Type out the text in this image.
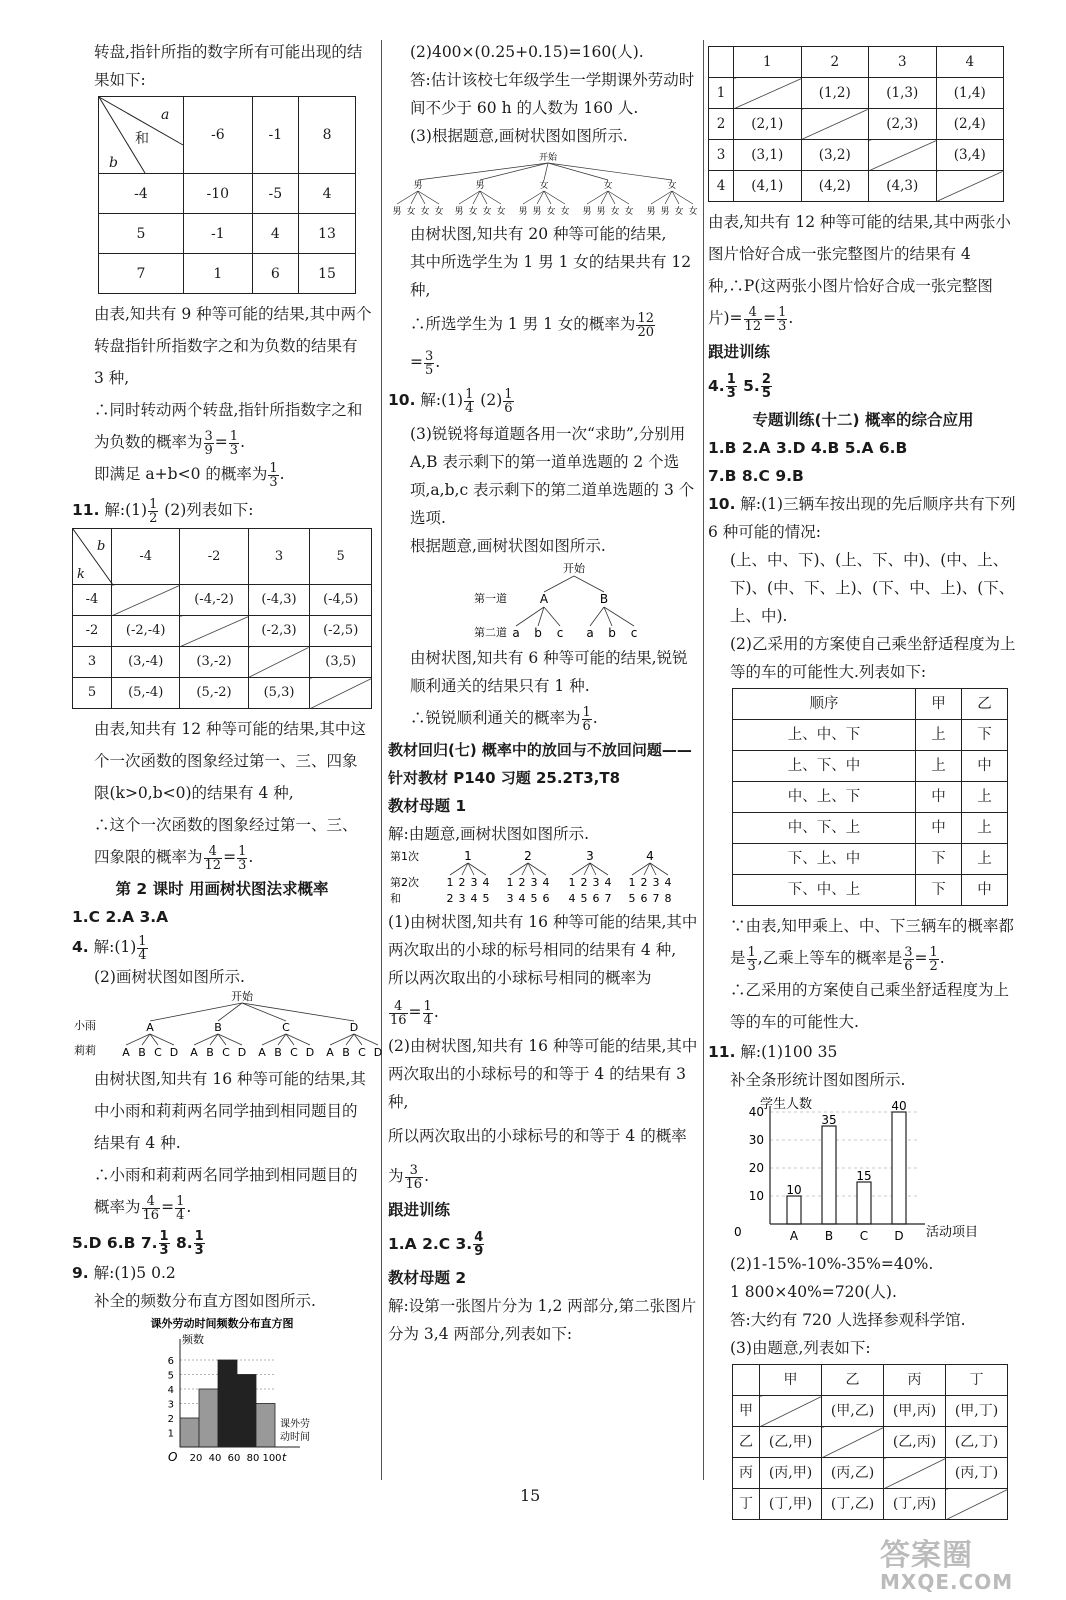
转盘,指针所指的数字所有可能出现的结果如下:

a
和
b	-6	-1	8
-4	-10	-5	4
5	-1	4	13
7	1	6	15

由表,知共有 9 种等可能的结果,其中两个转盘指针所指数字之和为负数的结果有 3 种,

∴同时转动两个转盘,指针所指数字之和为负数的概率为 $\frac{3}{9} = \frac{1}{3}$ .

即满足 a+b<0 的概率为 $\frac{1}{3}$ .

11. 解:(1) $\frac{1}{2} (2)$列表如下:

b
k	-4	-2	3	5
-4		(-4,-2)	(-4,3)	(-4,5)
-2	(-2,-4)		(-2,3)	(-2,5)
3	(3,-4)	(3,-2)		(3,5)
5	(5,-4)	(5,-2)	(5,3)	

由表,知共有 12 种等可能的结果,其中这个一次函数的图象经过第一、三、四象限(k>0,b<0)的结果有 4 种,

∴这个一次函数的图象经过第一、三、四象限的概率为 $\frac{4}{12} = \frac{1}{3}$ .

第 2 课时 用画树状图法求概率

1.C 2.A 3.A

4. 解:(1) $\frac{1}{4}$

(2)画树状图如图所示.

开始
小雨
莉莉
A	B	C	D
A B C D A B C D A B C D A B C D

由树状图,知共有 16 种等可能的结果,其中小雨和莉莉两名同学抽到相同题目的结果有 4 种.

∴小雨和莉莉两名同学抽到相同题目的概率为 $\frac{4}{16} = \frac{1}{4}$ .

5.D 6.B 7. $\frac{1}{3} 8$. $\frac{1}{3}$

9. 解:(1)5 0.2

补全的频数分布直方图如图所示.

课外劳动时间频数分布直方图
频数
1
2
3
4
5
6
20 40 60 80 100
O	t
课外劳
动时间

(2)400×(0.25+0.15)=160(人).

答:估计该校七年级学生一学期课外劳动时间不少于 60 h 的人数为 160 人.

(3)根据题意,画树状图如图所示.

开始
男
男 女 女 女
男
男 女 女 女
女
男 男 女 女
女
男 男 女 女
女
男 男 女 女

由树状图,知共有 20 种等可能的结果,

其中所选学生为 1 男 1 女的结果共有 12 种,

∴所选学生为 1 男 1 女的概率为 $\frac{12}{20}$

= $\frac{3}{5}$ .

10. 解:(1) $\frac{1}{4} (2) \frac{1}{6}$

(3)锐锐将每道题各用一次“求助”,分别用 A,B 表示剩下的第一道单选题的 2 个选项,a,b,c 表示剩下的第二道单选题的 3 个选项.

根据题意,画树状图如图所示.

开始
第一道
第二道
A	B
a b c a b c

由树状图,知共有 6 种等可能的结果,锐锐顺利通关的结果只有 1 种.

∴锐锐顺利通关的概率为 $\frac{1}{6}$ .

教材回归(七) 概率中的放回与不放回问题——针对教材 P140 习题 25.2T3,T8

教材母题 1

解:由题意,画树状图如图所示.

第1次
第2次
和
1	2	3	4
1
2
2
3
3
4
4
5
1
3
2
4
3
5
4
6
1
4
2
5
3
6
4
7
1
5
2
6
3
7
4
8

(1)由树状图,知共有 16 种等可能的结果,其中两次取出的小球的标号相同的结果有 4 种,

所以两次取出的小球标号相同的概率为

$\frac{4}{16} = \frac{1}{4}$ .

(2)由树状图,知共有 16 种等可能的结果,其中两次取出的小球标号的和等于 4 的结果有 3 种,

所以两次取出的小球标号的和等于 4 的概率为 $\frac{3}{16}$ .

跟进训练

1.A 2.C 3. $\frac{4}{9}$

教材母题 2

解:设第一张图片分为 1,2 两部分,第二张图片分为 3,4 两部分,列表如下:

	1	2	3	4
1		(1,2)	(1,3)	(1,4)
2	(2,1)		(2,3)	(2,4)
3	(3,1)	(3,2)		(3,4)
4	(4,1)	(4,2)	(4,3)	

由表,知共有 12 种等可能的结果,其中两张小图片恰好合成一张完整图片的结果有 4 种,∴P(这两张小图片恰好合成一张完整图片)= $\frac{4}{12} = \frac{1}{3}$ .

跟进训练

4. $\frac{1}{3} 5$. $\frac{2}{5}$

专题训练(十二) 概率的综合应用

1.B 2.A 3.D 4.B 5.A 6.B

7.B 8.C 9.B

10. 解:(1)三辆车按出现的先后顺序共有下列 6 种可能的情况:

(上、中、下)、(上、下、中)、(中、上、下)、(中、下、上)、(下、中、上)、(下、上、中).

(2)乙采用的方案使自己乘坐舒适程度为上等的车的可能性大.列表如下:

顺序	甲	乙
上、中、下	上	下
上、下、中	上	中
中、上、下	中	上
中、下、上	中	上
下、上、中	下	上
下、中、上	下	中

∵由表,知甲乘上、中、下三辆车的概率都是 $\frac{1}{3}$ ,乙乘上等车的概率是 $\frac{3}{6} = \frac{1}{2}$ .

∴乙采用的方案使自己乘坐舒适程度为上等的车的可能性大.

11. 解:(1)100 35

补全条形统计图如图所示.

学生人数
10
20
30
40
10
A
35
B
15
C
40
D
0	活动项目

(2)1-15%-10%-35%=40%.

1 800×40%=720(人).

答:大约有 720 人选择参观科学馆.

(3)由题意,列表如下:

	甲	乙	丙	丁
甲		(甲,乙)	(甲,丙)	(甲,丁)
乙	(乙,甲)		(乙,丙)	(乙,丁)
丙	(丙,甲)	(丙,乙)		(丙,丁)
丁	(丁,甲)	(丁,乙)	(丁,丙)	
15
答案圈
MXQE.COM
